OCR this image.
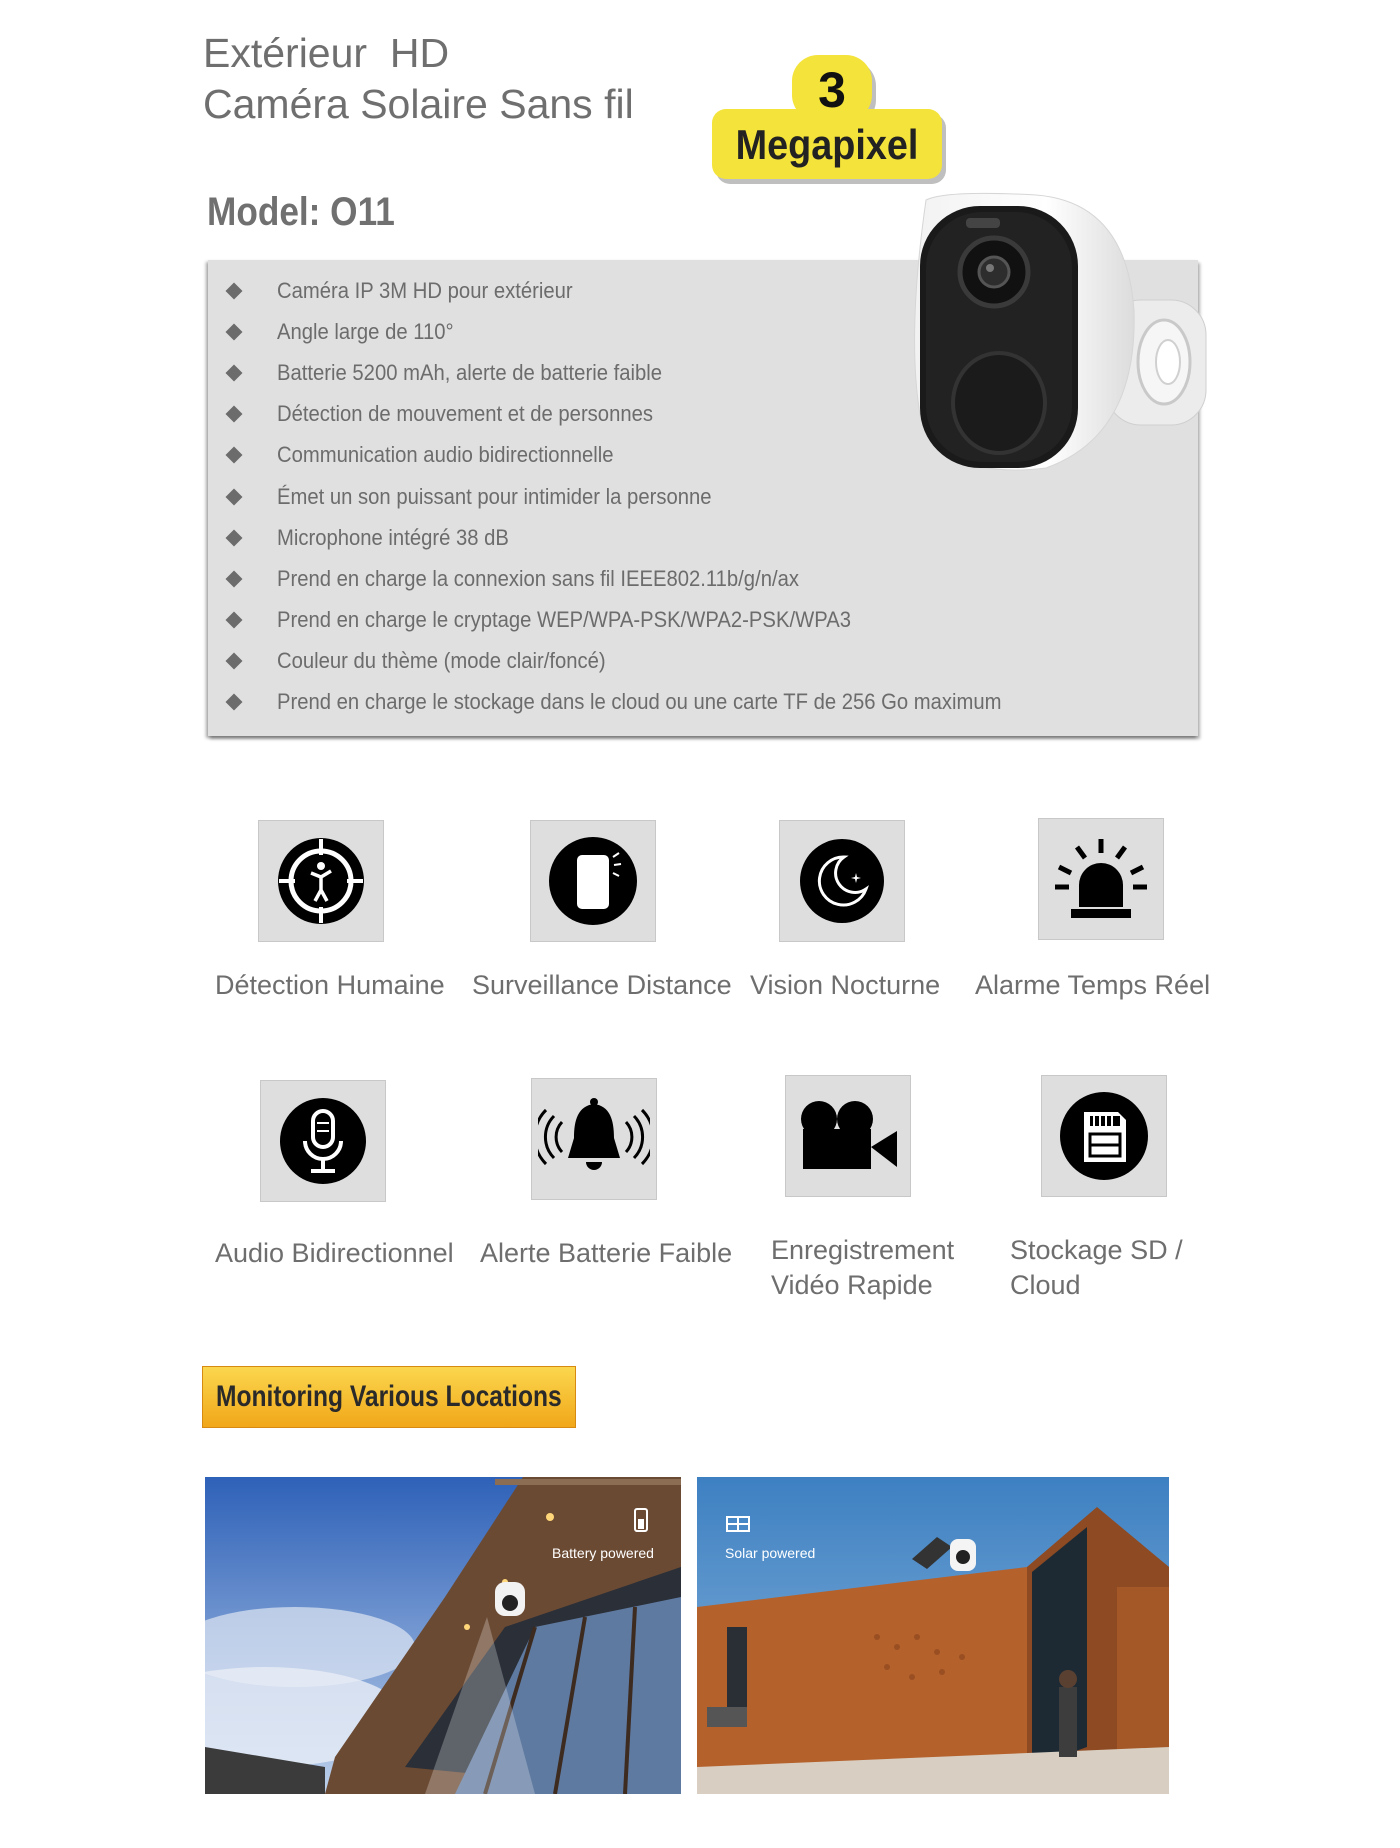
Extérieur  HD
Caméra Solaire Sans fil	3
Megapixel
Model: O11
Caméra IP 3M HD pour extérieur
Angle large de 110°
Batterie 5200 mAh, alerte de batterie faible
Détection de mouvement et de personnes
Communication audio bidirectionnelle
Émet un son puissant pour intimider la personne
Microphone intégré 38 dB
Prend en charge la connexion sans fil IEEE802.11b/g/n/ax
Prend en charge le cryptage WEP/WPA-PSK/WPA2-PSK/WPA3
Couleur du thème (mode clair/foncé)
Prend en charge le stockage dans le cloud ou une carte TF de 256 Go maximum
Détection Humaine Surveillance Distance Vision Nocturne Alarme Temps Réel
Audio Bidirectionnel Alerte Batterie Faible Enregistrement
Vidéo Rapide
Stockage SD /
Cloud
Monitoring Various Locations
Battery powered	Solar powered
